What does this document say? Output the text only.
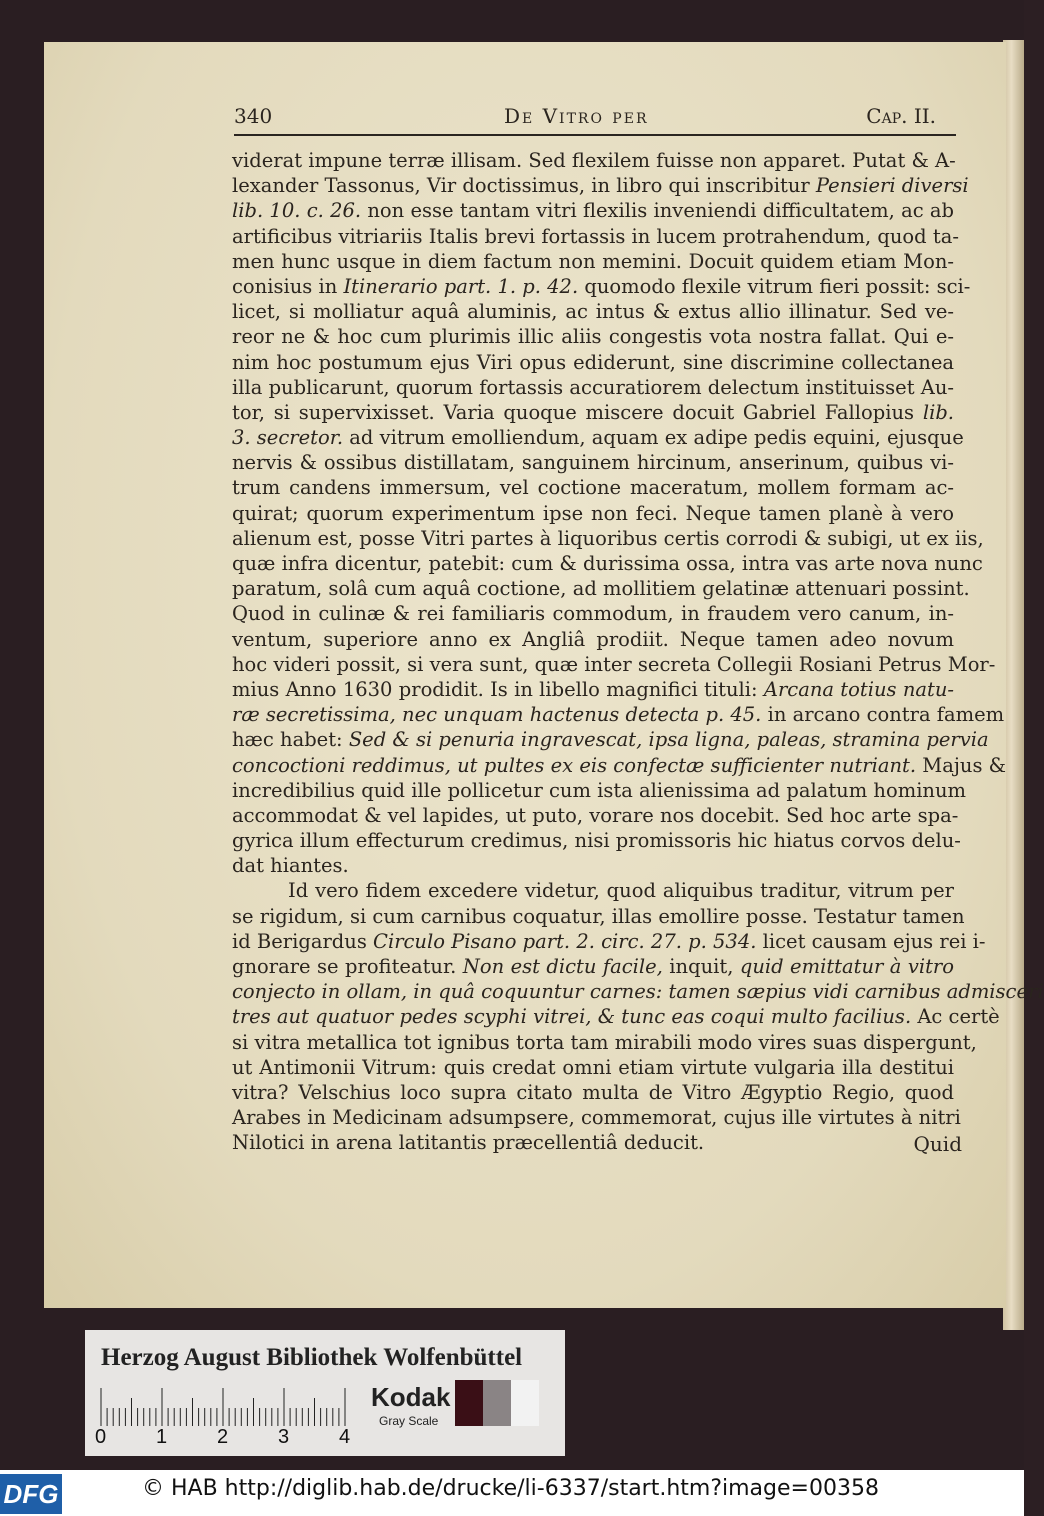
340	De Vitro per	Cap. II.
viderat impune terræ illisam. Sed flexilem fuisse non apparet. Putat & A-
lexander Tassonus, Vir doctissimus, in libro qui inscribitur Pensieri diversi
lib. 10. c. 26. non esse tantam vitri flexilis inveniendi difficultatem, ac ab
artificibus vitriariis Italis brevi fortassis in lucem protrahendum, quod ta-
men hunc usque in diem factum non memini. Docuit quidem etiam Mon-
conisius in Itinerario part. 1. p. 42. quomodo flexile vitrum fieri possit: sci-
licet, si molliatur aquâ aluminis, ac intus & extus allio illinatur. Sed ve-
reor ne & hoc cum plurimis illic aliis congestis vota nostra fallat. Qui e-
nim hoc postumum ejus Viri opus ediderunt, sine discrimine collectanea
illa publicarunt, quorum fortassis accuratiorem delectum instituisset Au-
tor, si supervixisset. Varia quoque miscere docuit Gabriel Fallopius lib.
3. secretor. ad vitrum emolliendum, aquam ex adipe pedis equini, ejusque
nervis & ossibus distillatam, sanguinem hircinum, anserinum, quibus vi-
trum candens immersum, vel coctione maceratum, mollem formam ac-
quirat; quorum experimentum ipse non feci. Neque tamen planè à vero
alienum est, posse Vitri partes à liquoribus certis corrodi & subigi, ut ex iis,
quæ infra dicentur, patebit: cum & durissima ossa, intra vas arte nova nunc
paratum, solâ cum aquâ coctione, ad mollitiem gelatinæ attenuari possint.
Quod in culinæ & rei familiaris commodum, in fraudem vero canum, in-
ventum, superiore anno ex Angliâ prodiit. Neque tamen adeo novum
hoc videri possit, si vera sunt, quæ inter secreta Collegii Rosiani Petrus Mor-
mius Anno 1630 prodidit. Is in libello magnifici tituli: Arcana totius natu-
ræ secretissima, nec unquam hactenus detecta p. 45. in arcano contra famem
hæc habet: Sed & si penuria ingravescat, ipsa ligna, paleas, stramina pervia
concoctioni reddimus, ut pultes ex eis confectæ sufficienter nutriant. Majus &
incredibilius quid ille pollicetur cum ista alienissima ad palatum hominum
accommodat & vel lapides, ut puto, vorare nos docebit. Sed hoc arte spa-
gyrica illum effecturum credimus, nisi promissoris hic hiatus corvos delu-
dat hiantes.
Id vero fidem excedere videtur, quod aliquibus traditur, vitrum per
se rigidum, si cum carnibus coquatur, illas emollire posse. Testatur tamen
id Berigardus Circulo Pisano part. 2. circ. 27. p. 534. licet causam ejus rei i-
gnorare se profiteatur. Non est dictu facile, inquit, quid emittatur à vitro
conjecto in ollam, in quâ coquuntur carnes: tamen sæpius vidi carnibus admisceri
tres aut quatuor pedes scyphi vitrei, & tunc eas coqui multo facilius. Ac certè
si vitra metallica tot ignibus torta tam mirabili modo vires suas dispergunt,
ut Antimonii Vitrum: quis credat omni etiam virtute vulgaria illa destitui
vitra? Velschius loco supra citato multa de Vitro Ægyptio Regio, quod
Arabes in Medicinam adsumpsere, commemorat, cujus ille virtutes à nitri
Nilotici in arena latitantis præcellentiâ deducit.	Quid
Herzog August Bibliothek Wolfenbüttel
0 1 2 3 4
Kodak
Gray Scale
DFG	© HAB http://diglib.hab.de/drucke/li-6337/start.htm?image=00358
